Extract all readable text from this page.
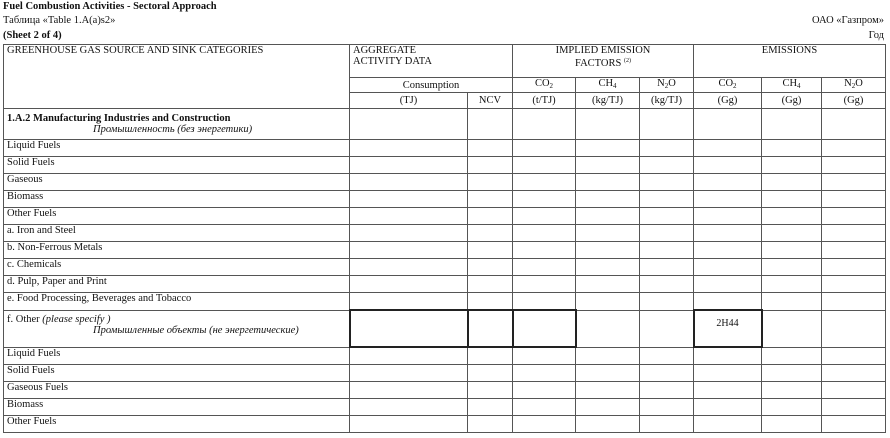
Fuel Combustion Activities - Sectoral Approach
Таблица «Table 1.A(a)s2»
(Sheet 2 of 4)
ОАО «Газпром»
Год
GREENHOUSE GAS SOURCE AND SINK CATEGORIES	AGGREGATE
ACTIVITY DATA		IMPLIED EMISSION
FACTORS $^{(2)}$			EMISSIONS		
	Consumption		$CO_2$	$CH_4$	$N_2O$	$CO_2$	$CH_4$	$N_2O$
	(TJ)	NCV	(t/TJ)	(kg/TJ)	(kg/TJ)	(Gg)	(Gg)	(Gg)
1.A.2 Manufacturing Industries and Construction
Промышленность (без энергетики)								

Liquid Fuels								
Solid Fuels								
Gaseous								
Biomass								
Other Fuels								
a. Iron and Steel								
b. Non-Ferrous Metals								
c. Chemicals								
d. Pulp, Paper and Print								
e. Food Processing, Beverages and Tobacco								
f. Other (please specify )
Промышленные объекты (не энергетические)						2H44		
Liquid Fuels								
Solid Fuels								
Gaseous Fuels								
Biomass								
Other Fuels								
